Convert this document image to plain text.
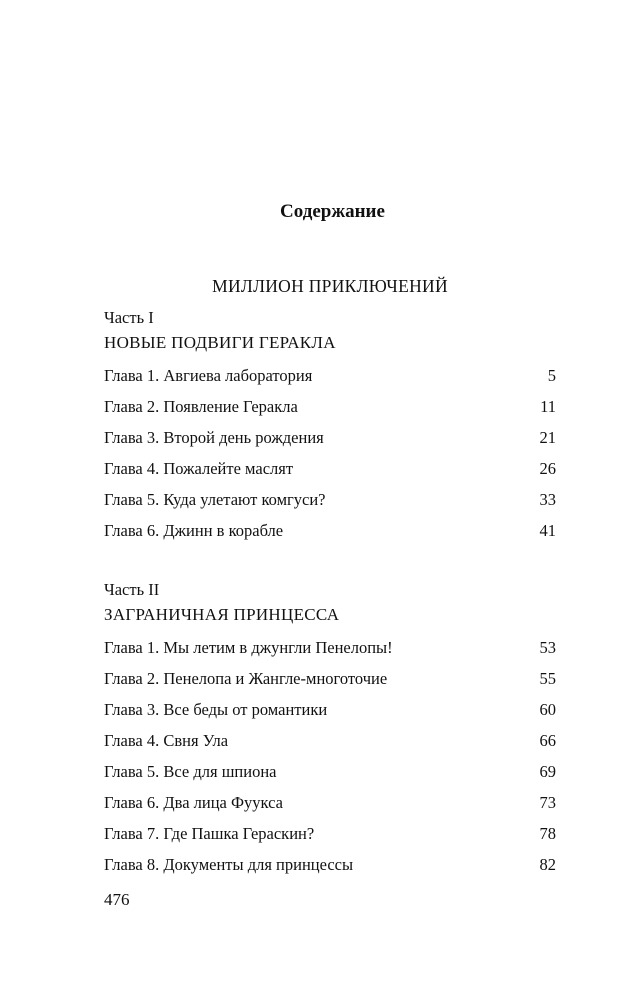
Содержание
МИЛЛИОН ПРИКЛЮЧЕНИЙ
Часть I
НОВЫЕ ПОДВИГИ ГЕРАКЛА
Глава 1. Авгиева лаборатория	5
Глава 2. Появление Геракла	11
Глава 3. Второй день рождения	21
Глава 4. Пожалейте маслят	26
Глава 5. Куда улетают комгуси?	33
Глава 6. Джинн в корабле	41
Часть II
ЗАГРАНИЧНАЯ ПРИНЦЕССА
Глава 1. Мы летим в джунгли Пенелопы!	53
Глава 2. Пенелопа и Жангле-многоточие	55
Глава 3. Все беды от романтики	60
Глава 4. Свня Ула	66
Глава 5. Все для шпиона	69
Глава 6. Два лица Фуукса	73
Глава 7. Где Пашка Гераскин?	78
Глава 8. Документы для принцессы	82
476
